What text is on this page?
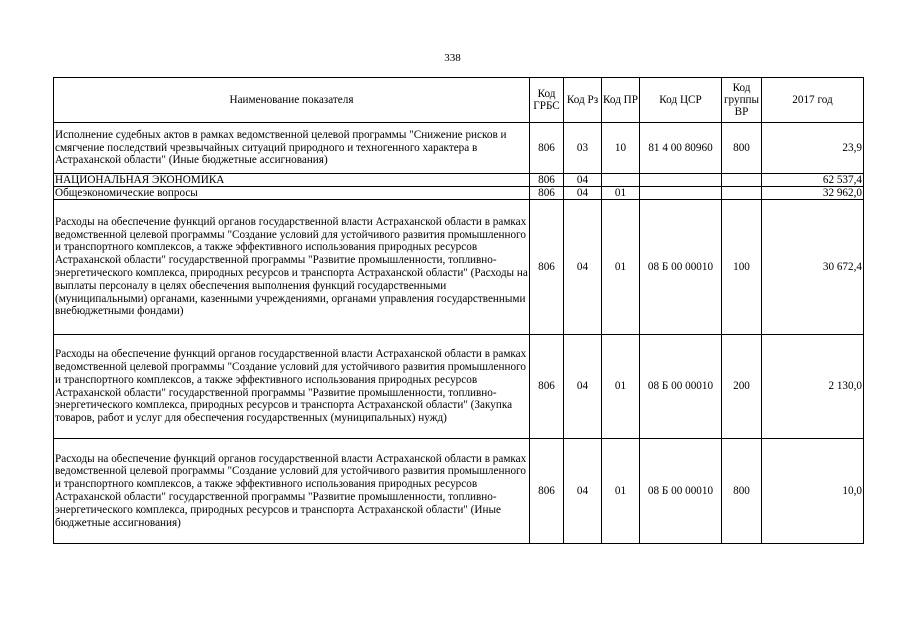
338
Наименование показателя	Код ГРБС	Код Рз	Код ПР	Код ЦСР	Код группы ВР	2017 год
Исполнение судебных актов в рамках ведомственной целевой программы "Снижение рисков и смягчение последствий чрезвычайных ситуаций природного и техногенного характера в Астраханской области" (Иные бюджетные ассигнования)	806	03	10	81 4 00 80960	800	23,9
НАЦИОНАЛЬНАЯ ЭКОНОМИКА	806	04				62 537,4
Общеэкономические вопросы	806	04	01			32 962,0
Расходы на обеспечение функций органов государственной власти Астраханской области в рамках ведомственной целевой программы "Создание условий для устойчивого развития промышленного и транспортного комплексов, а также эффективного использования природных ресурсов Астраханской области" государственной программы "Развитие промышленности, топливно-энергетического комплекса, природных ресурсов и транспорта Астраханской области" (Расходы на выплаты персоналу в целях обеспечения выполнения функций государственными (муниципальными) органами, казенными учреждениями, органами управления государственными внебюджетными фондами)	806	04	01	08 Б 00 00010	100	30 672,4
Расходы на обеспечение функций органов государственной власти Астраханской области в рамках ведомственной целевой программы "Создание условий для устойчивого развития промышленного и транспортного комплексов, а также эффективного использования природных ресурсов Астраханской области" государственной программы "Развитие промышленности, топливно-энергетического комплекса, природных ресурсов и транспорта Астраханской области" (Закупка товаров, работ и услуг для обеспечения государственных (муниципальных) нужд)	806	04	01	08 Б 00 00010	200	2 130,0
Расходы на обеспечение функций органов государственной власти Астраханской области в рамках ведомственной целевой программы "Создание условий для устойчивого развития промышленного и транспортного комплексов, а также эффективного использования природных ресурсов Астраханской области" государственной программы "Развитие промышленности, топливно-энергетического комплекса, природных ресурсов и транспорта Астраханской области" (Иные бюджетные ассигнования)	806	04	01	08 Б 00 00010	800	10,0
